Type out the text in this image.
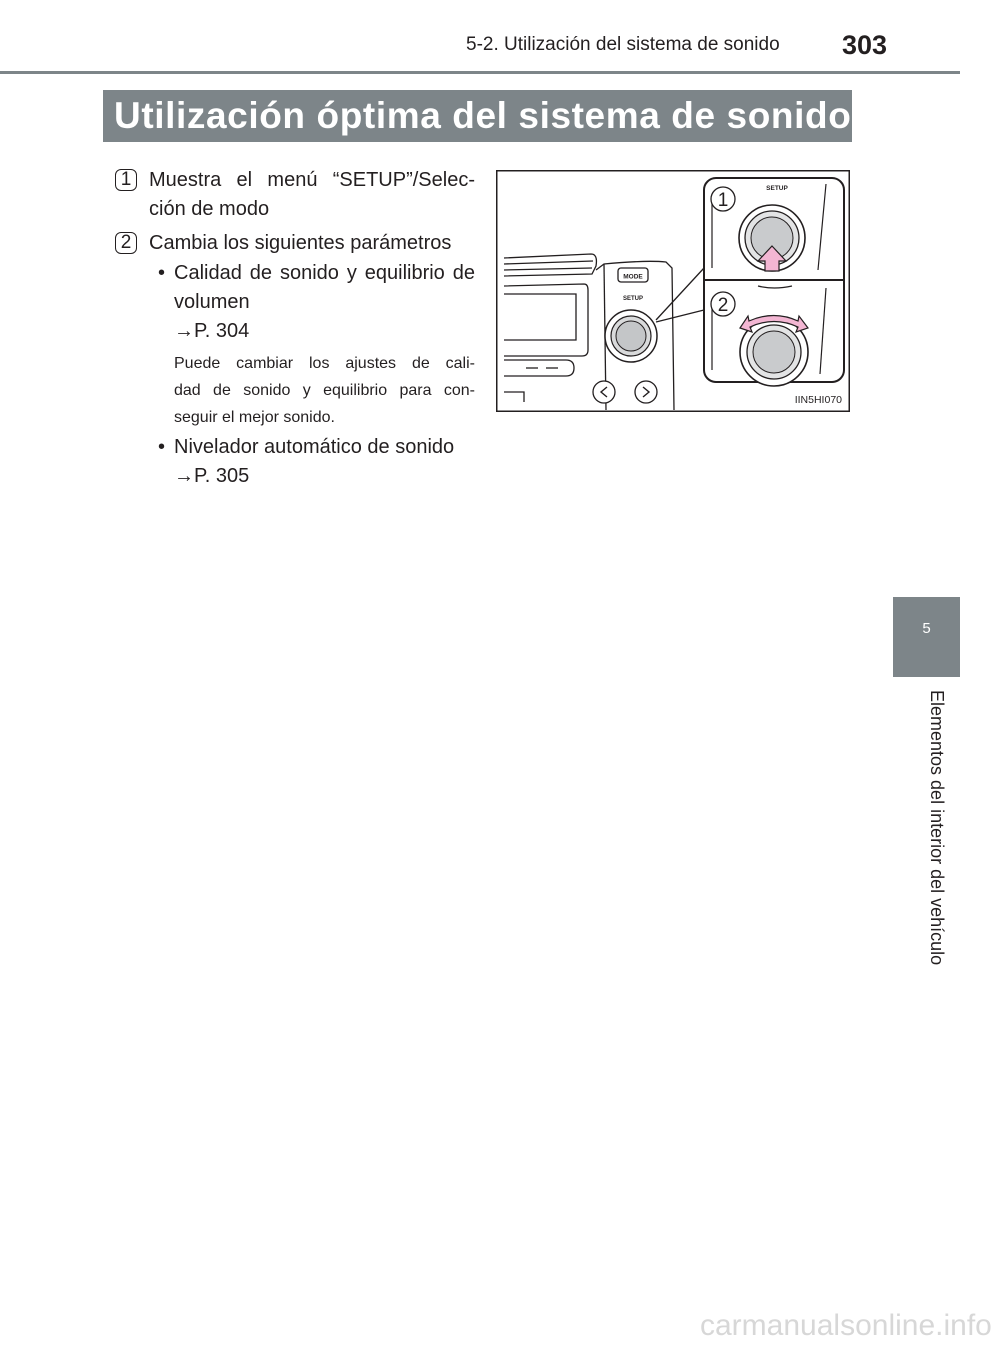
5-2. Utilización del sistema de sonido 303
Utilización óptima del sistema de sonido
1 Muestra el menú “SETUP”/Selec-
ción de modo
2 Cambia los siguientes parámetros
• Calidad de sonido y equilibrio de
volumen
→P. 304
Puede cambiar los ajustes de cali-
dad de sonido y equilibrio para con-
seguir el mejor sonido.
• Nivelador automático de sonido
→P. 305
MODE
SETUP
SETUP
1
2
IIN5HI070
5
Elementos del interior del vehículo
carmanualsonline.info
